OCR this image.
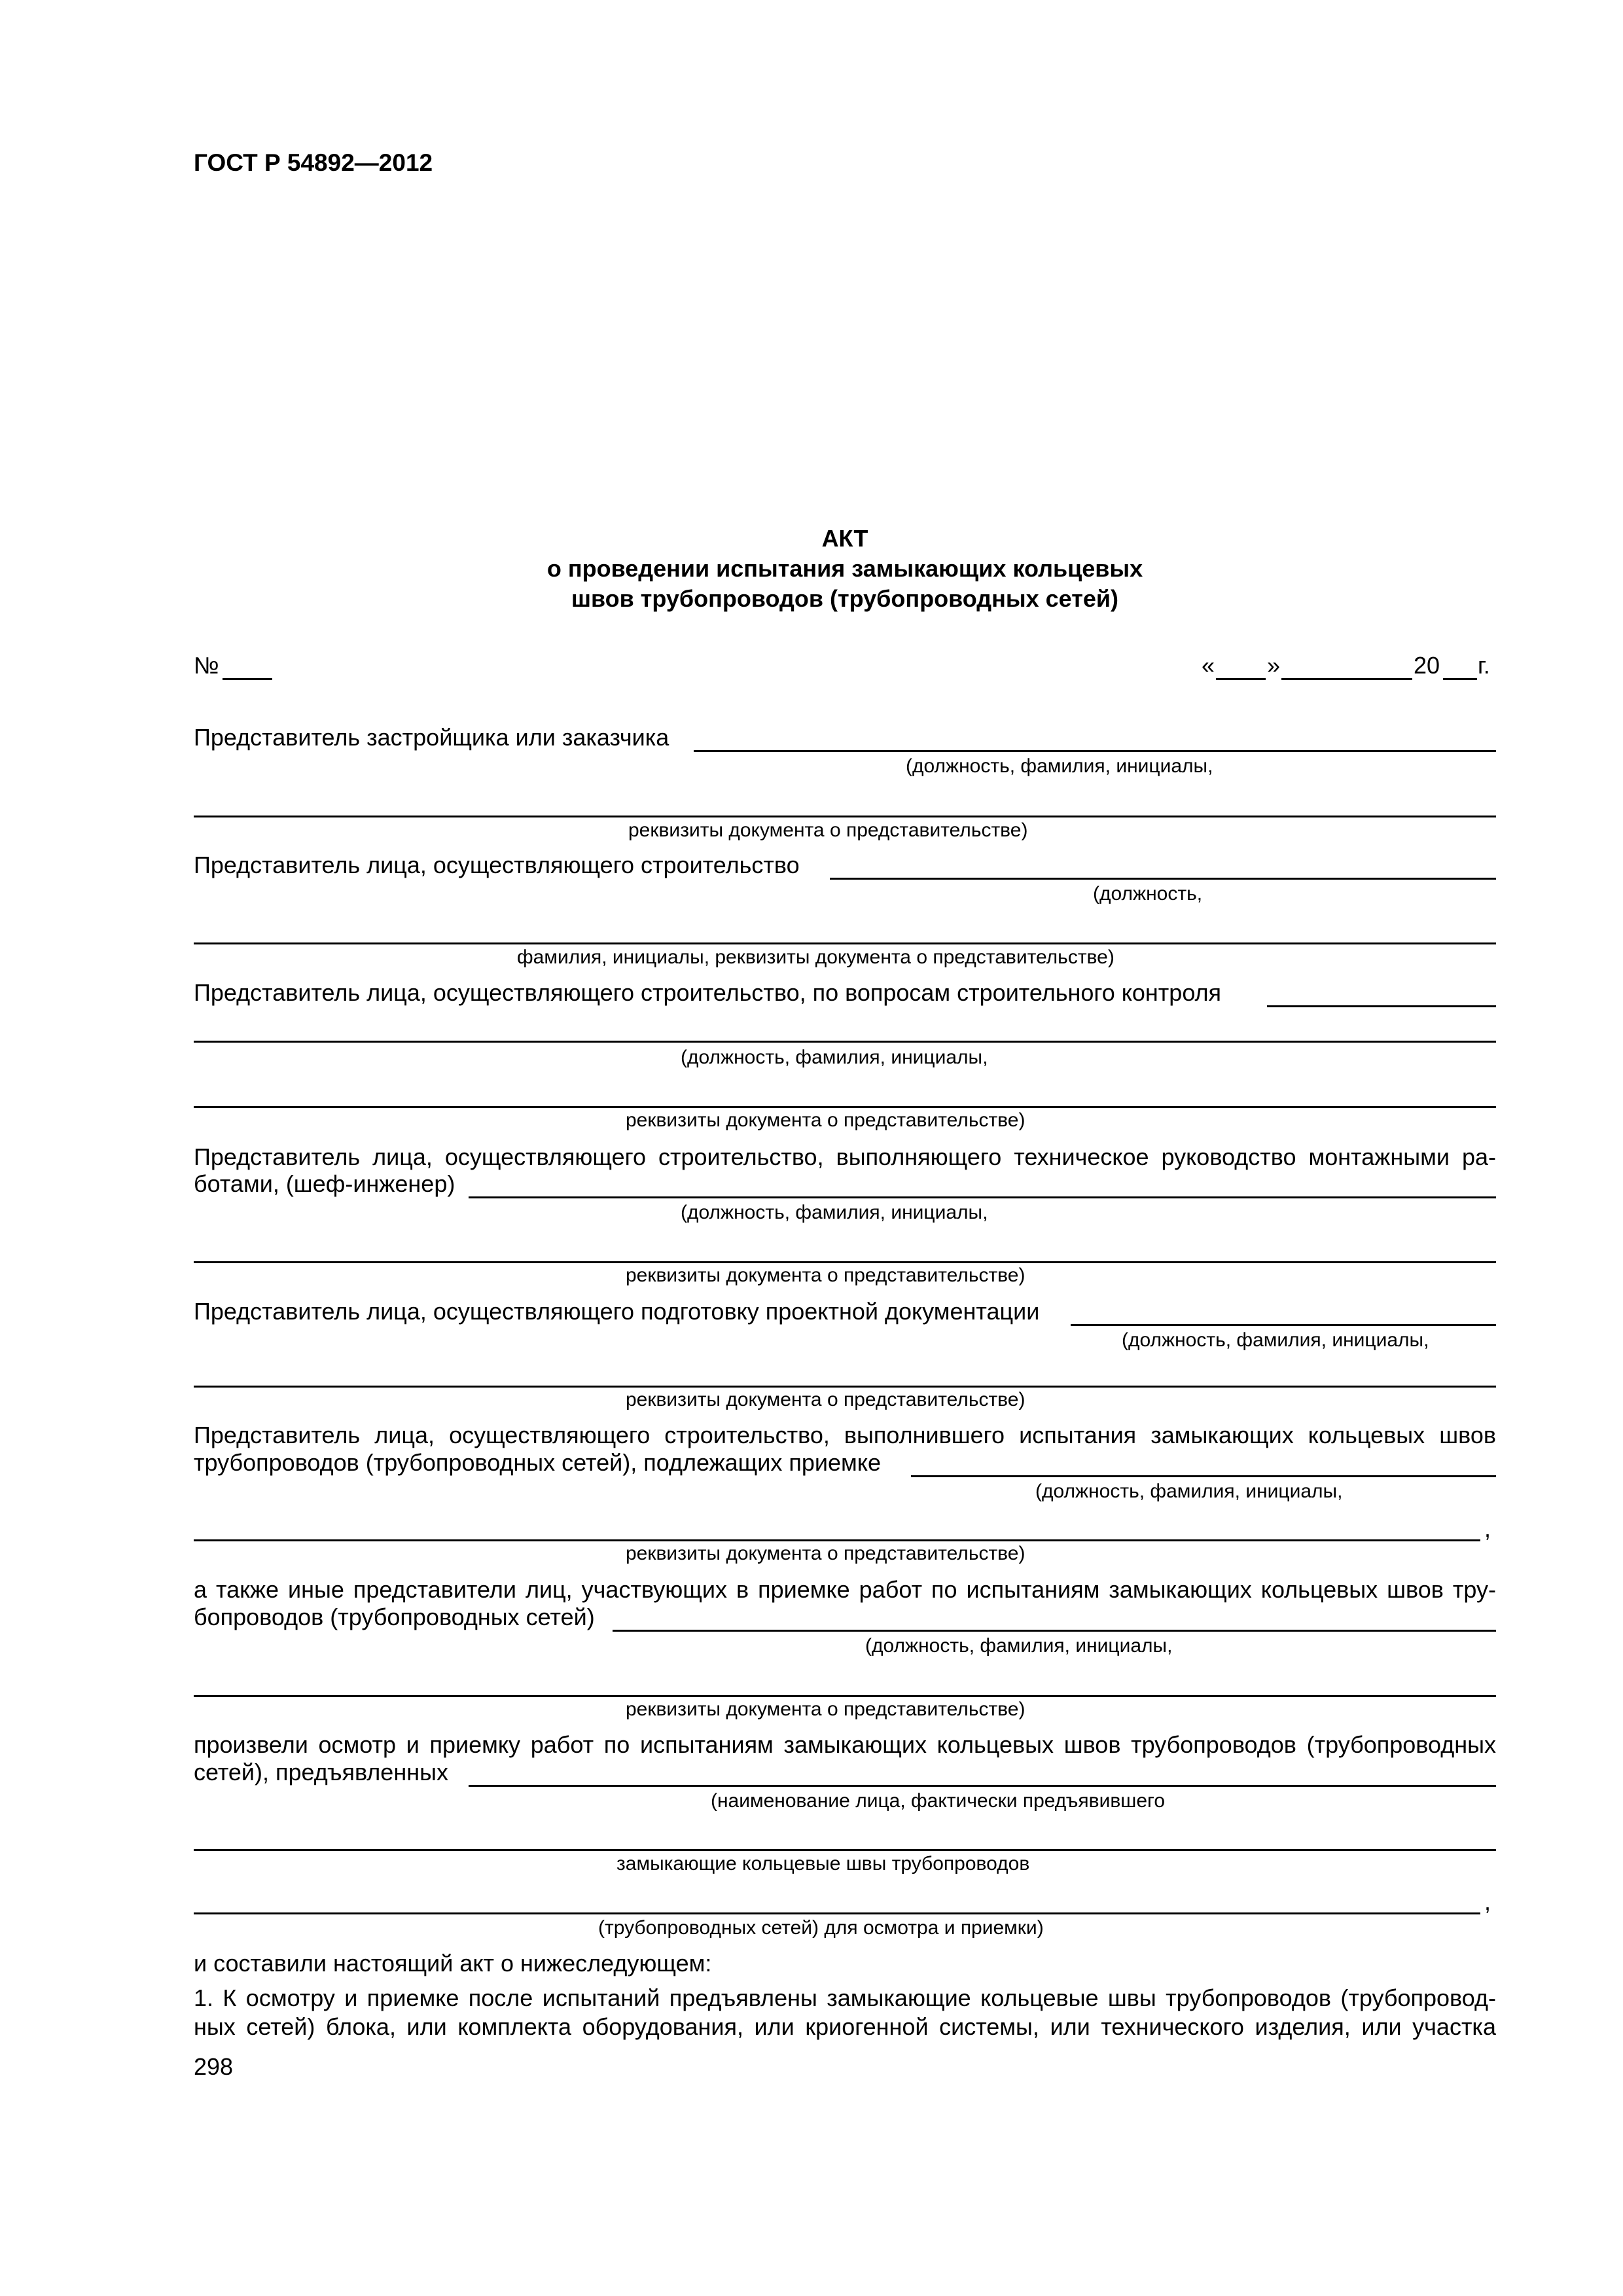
ГОСТ Р 54892—2012
АКТ
о проведении испытания замыкающих кольцевых
швов трубопроводов (трубопроводных сетей)
№	« »	20 г.
Представитель застройщика или заказчика
(должность, фамилия, инициалы,
реквизиты документа о представительстве)
Представитель лица, осуществляющего строительство
(должность,
фамилия, инициалы, реквизиты документа о представительстве)
Представитель лица, осуществляющего строительство, по вопросам строительного контроля
(должность, фамилия, инициалы,
реквизиты документа о представительстве)
Представитель лица, осуществляющего строительство, выполняющего техническое руководство монтажными ра-
ботами, (шеф-инженер)
(должность, фамилия, инициалы,
реквизиты документа о представительстве)
Представитель лица, осуществляющего подготовку проектной документации
(должность, фамилия, инициалы,
реквизиты документа о представительстве)
Представитель лица, осуществляющего строительство, выполнившего испытания замыкающих кольцевых швов
трубопроводов (трубопроводных сетей), подлежащих приемке
(должность, фамилия, инициалы,
,
реквизиты документа о представительстве)
а также иные представители лиц, участвующих в приемке работ по испытаниям замыкающих кольцевых швов тру-
бопроводов (трубопроводных сетей)
(должность, фамилия, инициалы,
реквизиты документа о представительстве)
произвели осмотр и приемку работ по испытаниям замыкающих кольцевых швов трубопроводов (трубопроводных
сетей), предъявленных
(наименование лица, фактически предъявившего
замыкающие кольцевые швы трубопроводов
,
(трубопроводных сетей) для осмотра и приемки)
и составили настоящий акт о нижеследующем:
1. К осмотру и приемке после испытаний предъявлены замыкающие кольцевые швы трубопроводов (трубопровод-
ных сетей) блока, или комплекта оборудования, или криогенной системы, или технического изделия, или участка
298
